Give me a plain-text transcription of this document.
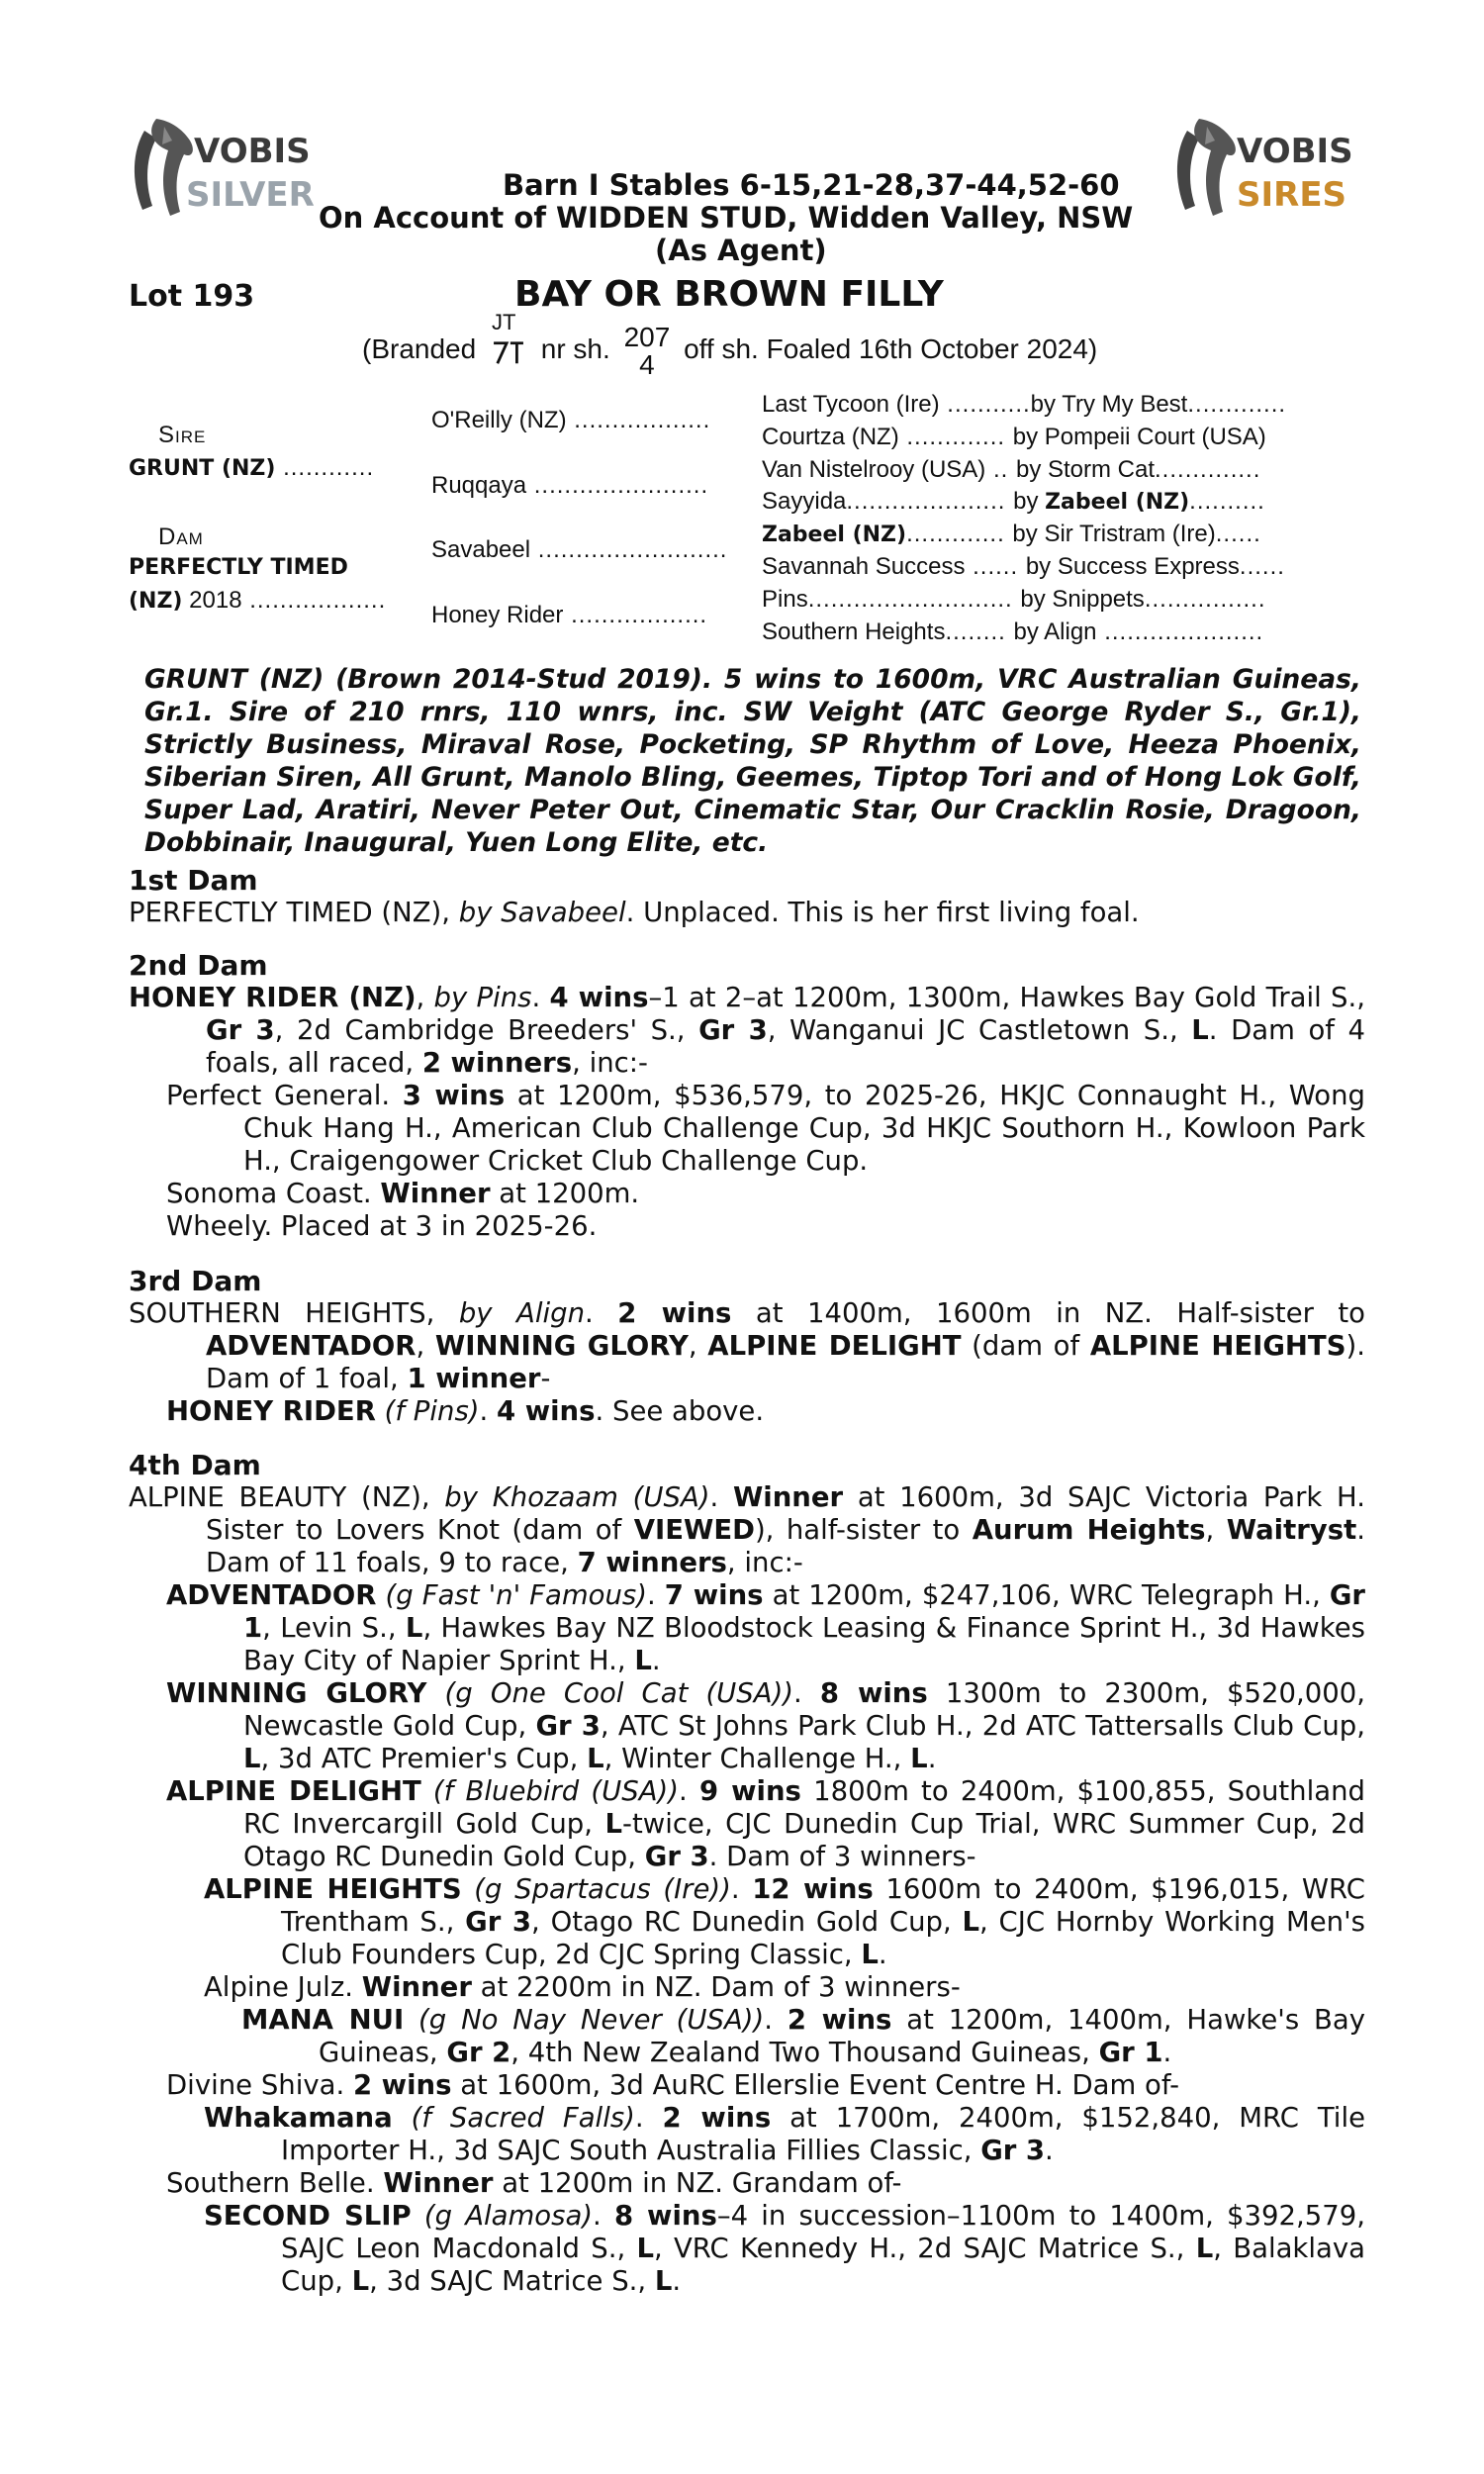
VOBIS
SILVER
VOBIS
SIRES
Barn I Stables 6-15,21-28,37-44,52-60
On Account of WIDDEN STUD, Widden Valley, NSW
(As Agent)
Lot 193	BAY OR BROWN FILLY
(Branded
JT
nr sh. 207
4
off sh. Foaled 16th October 2024)
Sire
GRUNT (NZ) ............
Dam
PERFECTLY TIMED
(NZ) 2018 ..................
O'Reilly (NZ) ..................
Ruqqaya .......................
Savabeel .........................
Honey Rider ..................
Last Tycoon (Ire) ...........by Try My Best.............
Courtza (NZ) ............. by Pompeii Court (USA)
Van Nistelrooy (USA) .. by Storm Cat..............
Sayyida..................... by Zabeel (NZ)..........
Zabeel (NZ)............. by Sir Tristram (Ire)......
Savannah Success ...... by Success Express......
Pins........................... by Snippets................
Southern Heights........ by Align .....................
GRUNT (NZ) (Brown 2014-Stud 2019). 5 wins to 1600m, VRC Australian Guineas, Gr.1. Sire of 210 rnrs, 110 wnrs, inc. SW Veight (ATC George Ryder S., Gr.1), Strictly Business, Miraval Rose, Pocketing, SP Rhythm of Love, Heeza Phoenix, Siberian Siren, All Grunt, Manolo Bling, Geemes, Tiptop Tori and of Hong Lok Golf, Super Lad, Aratiri, Never Peter Out, Cinematic Star, Our Cracklin Rosie, Dragoon, Dobbinair, Inaugural, Yuen Long Elite, etc.
1st Dam
PERFECTLY TIMED (NZ), by Savabeel. Unplaced. This is her first living foal.
2nd Dam
HONEY RIDER (NZ), by Pins. 4 wins–1 at 2–at 1200m, 1300m, Hawkes Bay Gold Trail S., Gr 3, 2d Cambridge Breeders' S., Gr 3, Wanganui JC Castletown S., L. Dam of 4 foals, all raced, 2 winners, inc:-
Perfect General. 3 wins at 1200m, $536,579, to 2025-26, HKJC Connaught H., Wong Chuk Hang H., American Club Challenge Cup, 3d HKJC Southorn H., Kowloon Park H., Craigengower Cricket Club Challenge Cup.
Sonoma Coast. Winner at 1200m.
Wheely. Placed at 3 in 2025-26.
3rd Dam
SOUTHERN HEIGHTS, by Align. 2 wins at 1400m, 1600m in NZ. Half-sister to ADVENTADOR, WINNING GLORY, ALPINE DELIGHT (dam of ALPINE HEIGHTS). Dam of 1 foal, 1 winner-
HONEY RIDER (f Pins). 4 wins. See above.
4th Dam
ALPINE BEAUTY (NZ), by Khozaam (USA). Winner at 1600m, 3d SAJC Victoria Park H. Sister to Lovers Knot (dam of VIEWED), half-sister to Aurum Heights, Waitryst. Dam of 11 foals, 9 to race, 7 winners, inc:-
ADVENTADOR (g Fast 'n' Famous). 7 wins at 1200m, $247,106, WRC Telegraph H., Gr 1, Levin S., L, Hawkes Bay NZ Bloodstock Leasing & Finance Sprint H., 3d Hawkes Bay City of Napier Sprint H., L.
WINNING GLORY (g One Cool Cat (USA)). 8 wins 1300m to 2300m, $520,000, Newcastle Gold Cup, Gr 3, ATC St Johns Park Club H., 2d ATC Tattersalls Club Cup, L, 3d ATC Premier's Cup, L, Winter Challenge H., L.
ALPINE DELIGHT (f Bluebird (USA)). 9 wins 1800m to 2400m, $100,855, Southland RC Invercargill Gold Cup, L-twice, CJC Dunedin Cup Trial, WRC Summer Cup, 2d Otago RC Dunedin Gold Cup, Gr 3. Dam of 3 winners-
ALPINE HEIGHTS (g Spartacus (Ire)). 12 wins 1600m to 2400m, $196,015, WRC Trentham S., Gr 3, Otago RC Dunedin Gold Cup, L, CJC Hornby Working Men's Club Founders Cup, 2d CJC Spring Classic, L.
Alpine Julz. Winner at 2200m in NZ. Dam of 3 winners-
MANA NUI (g No Nay Never (USA)). 2 wins at 1200m, 1400m, Hawke's Bay Guineas, Gr 2, 4th New Zealand Two Thousand Guineas, Gr 1.
Divine Shiva. 2 wins at 1600m, 3d AuRC Ellerslie Event Centre H. Dam of-
Whakamana (f Sacred Falls). 2 wins at 1700m, 2400m, $152,840, MRC Tile Importer H., 3d SAJC South Australia Fillies Classic, Gr 3.
Southern Belle. Winner at 1200m in NZ. Grandam of-
SECOND SLIP (g Alamosa). 8 wins–4 in succession–1100m to 1400m, $392,579, SAJC Leon Macdonald S., L, VRC Kennedy H., 2d SAJC Matrice S., L, Balaklava Cup, L, 3d SAJC Matrice S., L.
